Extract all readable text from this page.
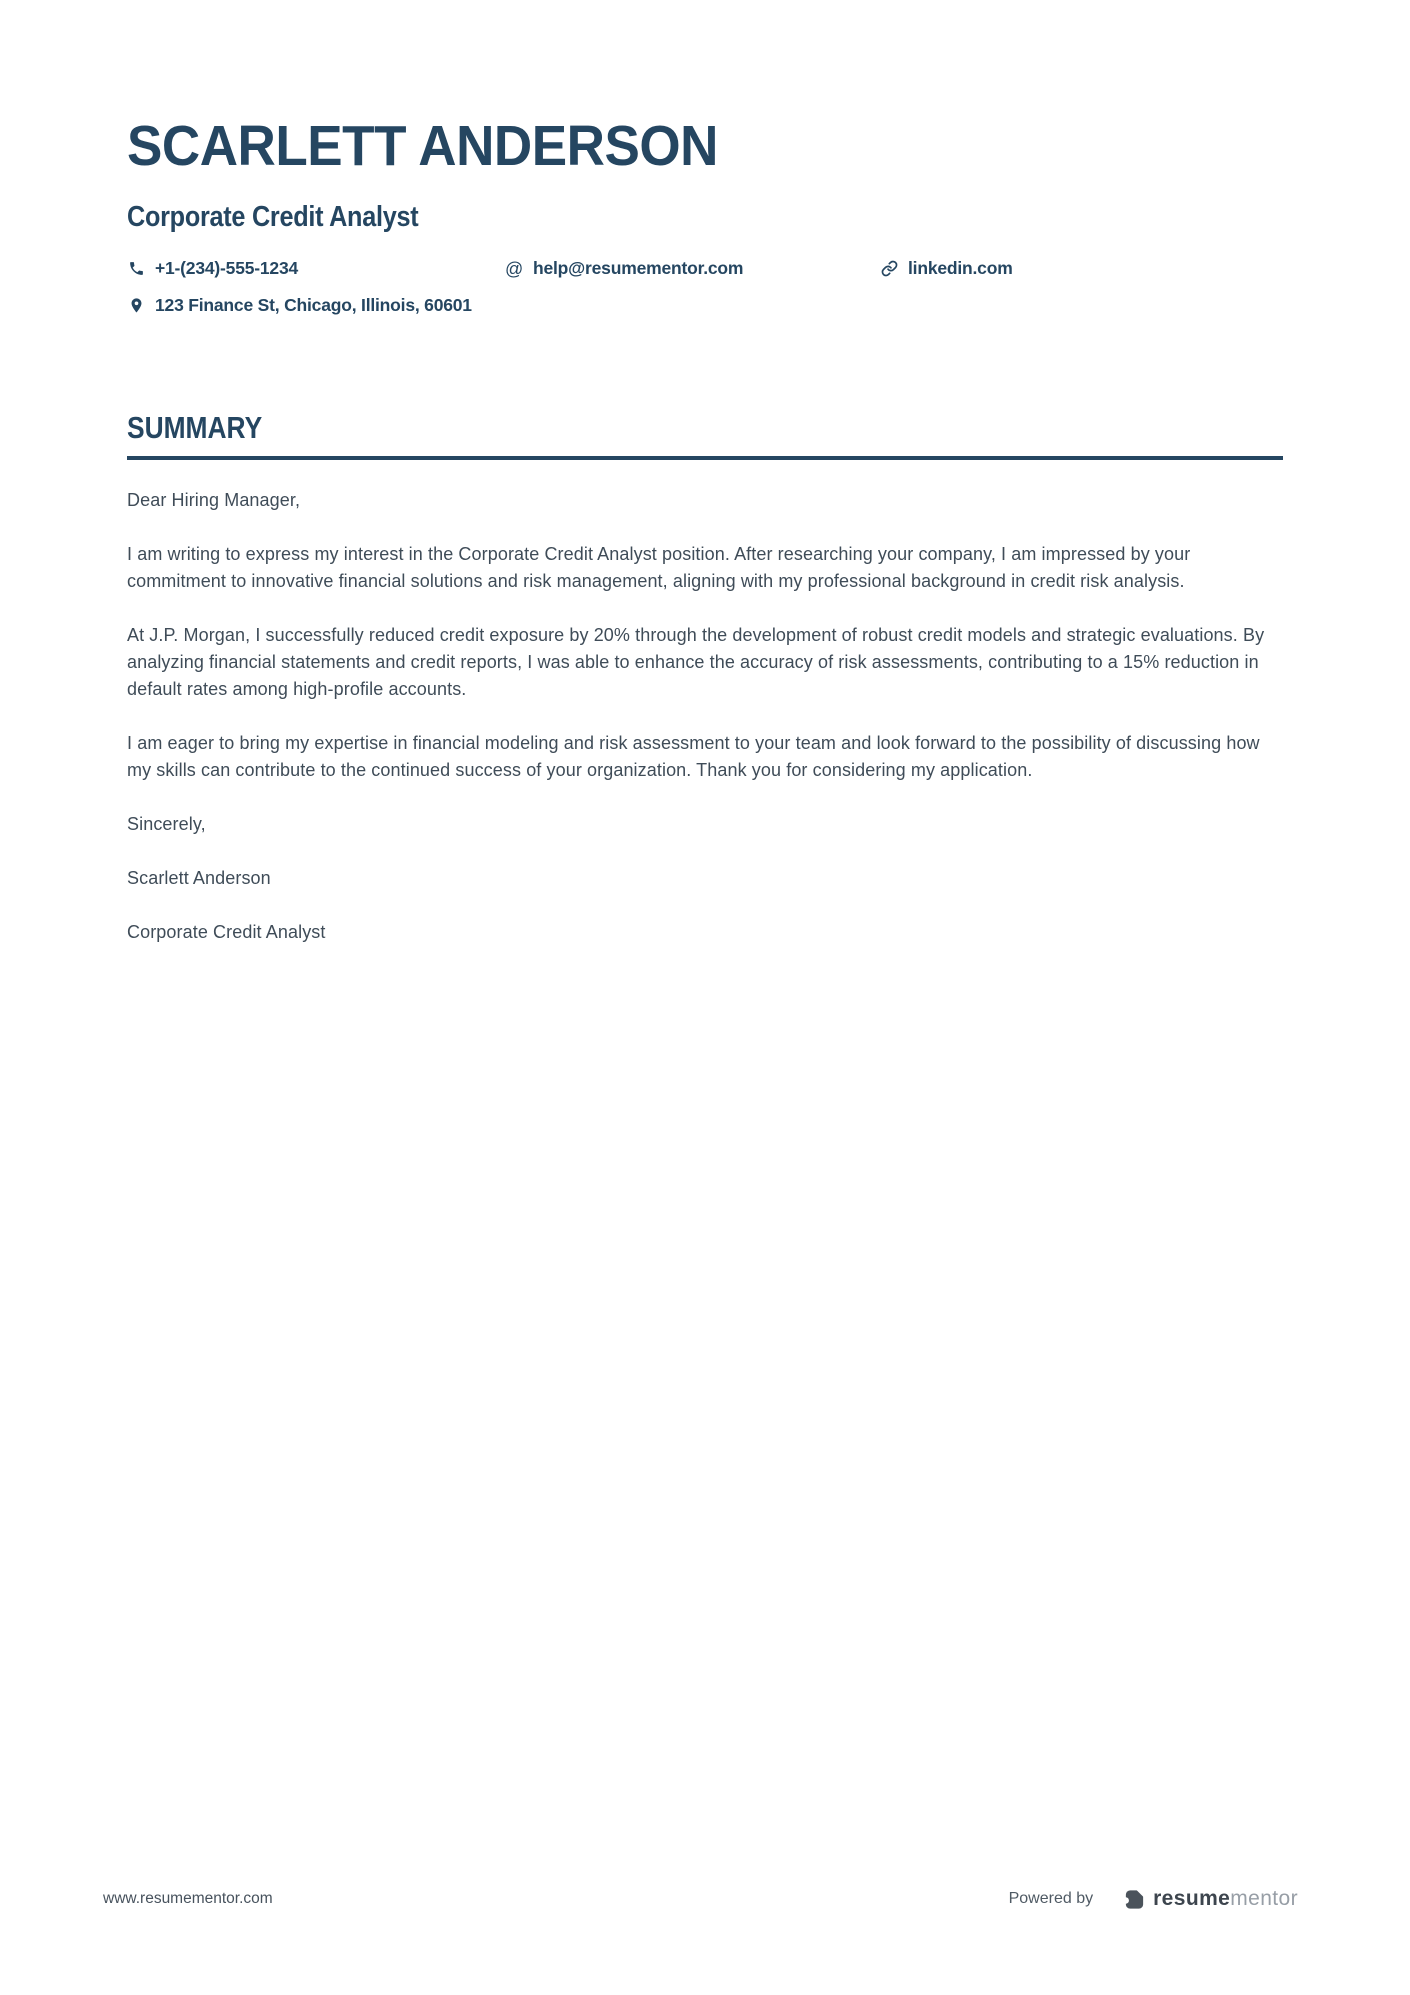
SCARLETT ANDERSON
Corporate Credit Analyst
+1-(234)-555-1234	@ help@resumementor.com	linkedin.com
123 Finance St, Chicago, Illinois, 60601
SUMMARY

Dear Hiring Manager,

I am writing to express my interest in the Corporate Credit Analyst position. After researching your company, I am impressed by your commitment to innovative financial solutions and risk management, aligning with my professional background in credit risk analysis.

At J.P. Morgan, I successfully reduced credit exposure by 20% through the development of robust credit models and strategic evaluations. By analyzing financial statements and credit reports, I was able to enhance the accuracy of risk assessments, contributing to a 15% reduction in default rates among high-profile accounts.

I am eager to bring my expertise in financial modeling and risk assessment to your team and look forward to the possibility of discussing how my skills can contribute to the continued success of your organization. Thank you for considering my application.

Sincerely,

Scarlett Anderson

Corporate Credit Analyst

www.resumementor.com	Powered by	resumementor
